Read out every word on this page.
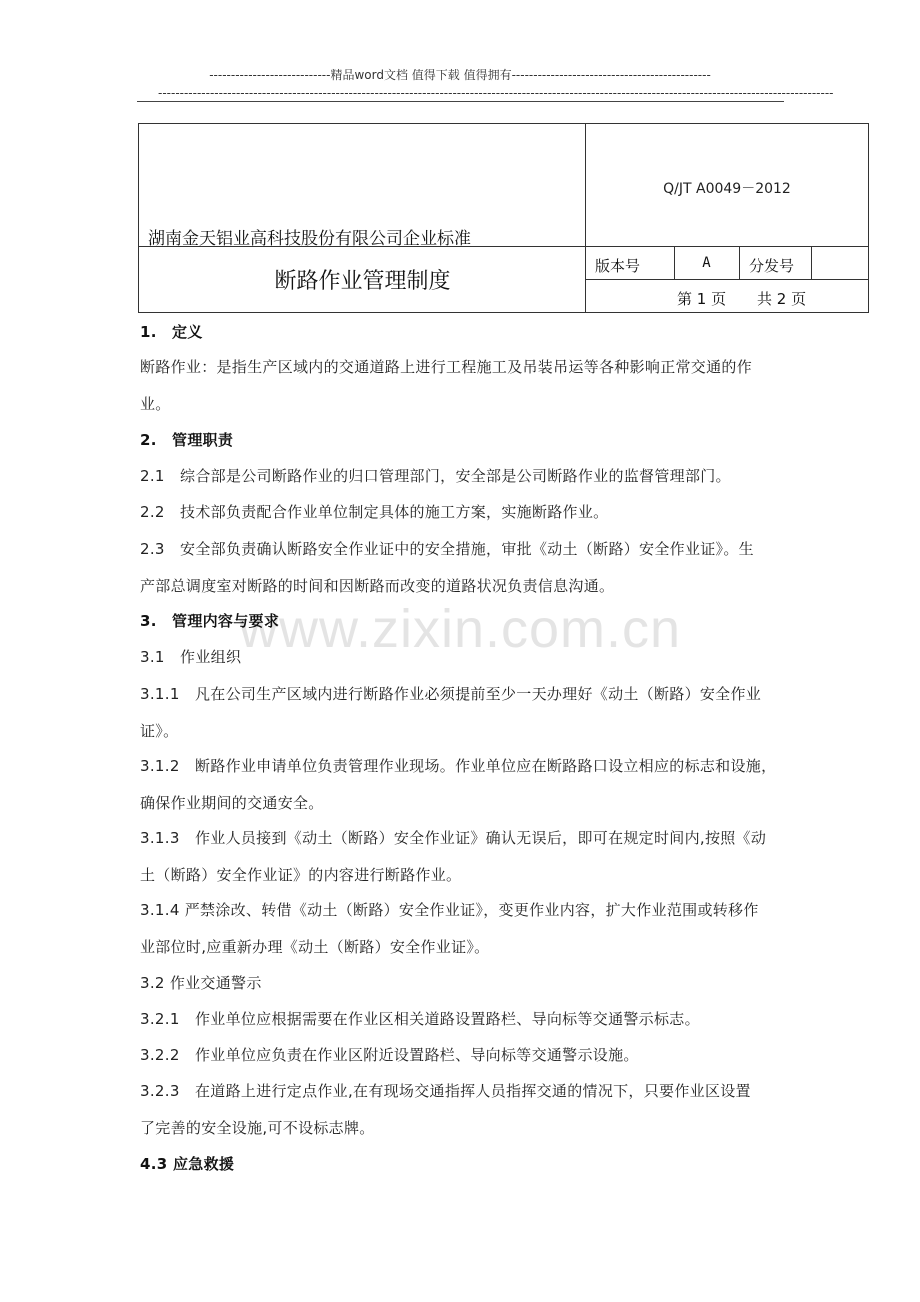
----------------------------精品word文档 值得下载 值得拥有----------------------------------------------
------------------------------------------------------------------------------------------------------------------------------------------------------------
湖南金天铝业高科技股份有限公司企业标准
断路作业管理制度
Q/JT A0049－2012
版本号	A	分发号
第 1 页 共 2 页
www.zixin.com.cn
1.　定义
断路作业：是指生产区域内的交通道路上进行工程施工及吊装吊运等各种影响正常交通的作
业。
2.　管理职责
2.1　综合部是公司断路作业的归口管理部门，安全部是公司断路作业的监督管理部门。
2.2　技术部负责配合作业单位制定具体的施工方案，实施断路作业。
2.3　安全部负责确认断路安全作业证中的安全措施，审批《动土（断路）安全作业证》。生
产部总调度室对断路的时间和因断路而改变的道路状况负责信息沟通。
3.　管理内容与要求
3.1　作业组织
3.1.1　凡在公司生产区域内进行断路作业必须提前至少一天办理好《动土（断路）安全作业
证》。
3.1.2　断路作业申请单位负责管理作业现场。作业单位应在断路路口设立相应的标志和设施，
确保作业期间的交通安全。
3.1.3　作业人员接到《动土（断路）安全作业证》确认无误后，即可在规定时间内,按照《动
土（断路）安全作业证》的内容进行断路作业。
3.1.4 严禁涂改、转借《动土（断路）安全作业证》，变更作业内容，扩大作业范围或转移作
业部位时,应重新办理《动土（断路）安全作业证》。
3.2 作业交通警示
3.2.1　作业单位应根据需要在作业区相关道路设置路栏、导向标等交通警示标志。
3.2.2　作业单位应负责在作业区附近设置路栏、导向标等交通警示设施。
3.2.3　在道路上进行定点作业,在有现场交通指挥人员指挥交通的情况下，只要作业区设置
了完善的安全设施,可不设标志牌。
4.3 应急救援
